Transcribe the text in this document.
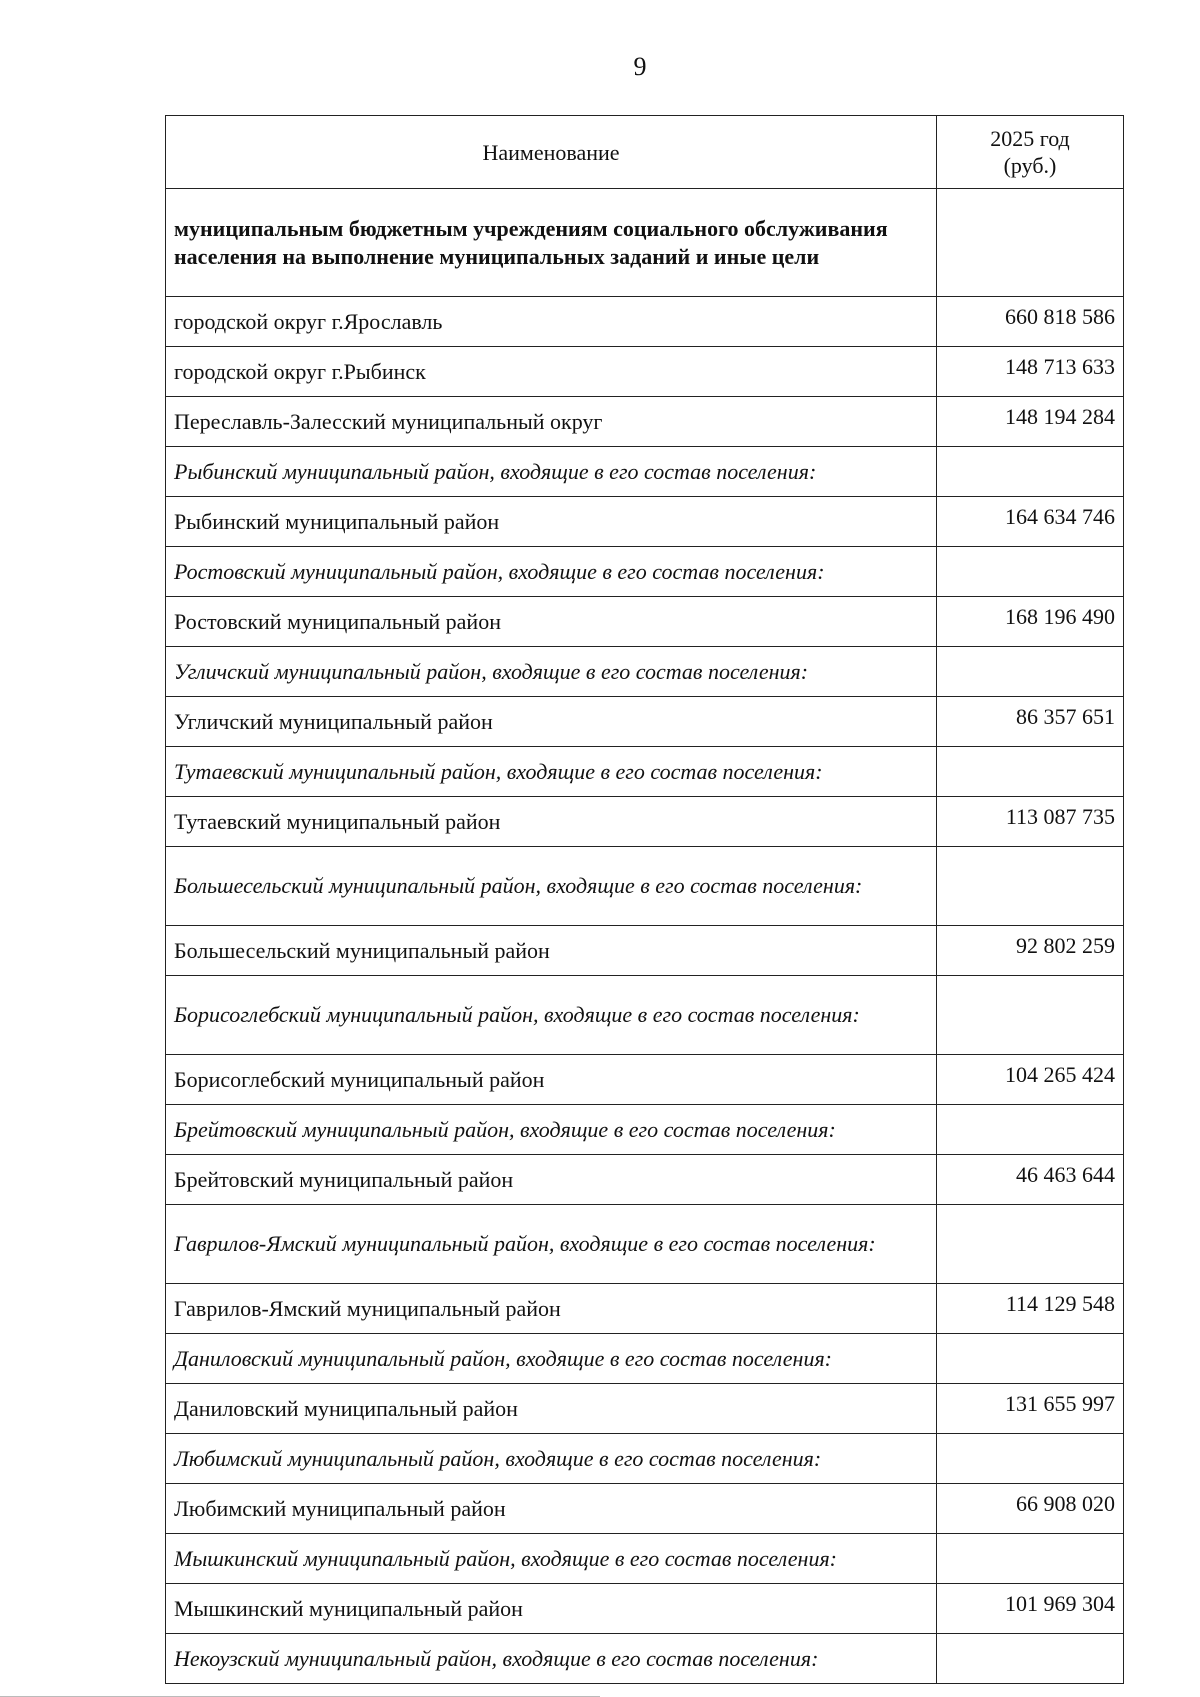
9
Наименование	2025 год
(руб.)

муниципальным бюджетным учреждениям социального обслуживания населения на выполнение муниципальных заданий и иные цели	
городской округ г.Ярославль	660 818 586
городской округ г.Рыбинск	148 713 633
Переславль-Залесский муниципальный округ	148 194 284
Рыбинский муниципальный район, входящие в его состав поселения:	
Рыбинский муниципальный район	164 634 746
Ростовский муниципальный район, входящие в его состав поселения:	
Ростовский муниципальный район	168 196 490
Угличский муниципальный район, входящие в его состав поселения:	
Угличский муниципальный район	86 357 651
Тутаевский муниципальный район, входящие в его состав поселения:	
Тутаевский муниципальный район	113 087 735
Большесельский муниципальный район, входящие в его состав поселения:	
Большесельский муниципальный район	92 802 259
Борисоглебский муниципальный район, входящие в его состав поселения:	
Борисоглебский муниципальный район	104 265 424
Брейтовский муниципальный район, входящие в его состав поселения:	
Брейтовский муниципальный район	46 463 644
Гаврилов-Ямский муниципальный район, входящие в его состав поселения:	
Гаврилов-Ямский муниципальный район	114 129 548
Даниловский муниципальный район, входящие в его состав поселения:	
Даниловский муниципальный район	131 655 997
Любимский муниципальный район, входящие в его состав поселения:	
Любимский муниципальный район	66 908 020
Мышкинский муниципальный район, входящие в его состав поселения:	
Мышкинский муниципальный район	101 969 304
Некоузский муниципальный район, входящие в его состав поселения:	
